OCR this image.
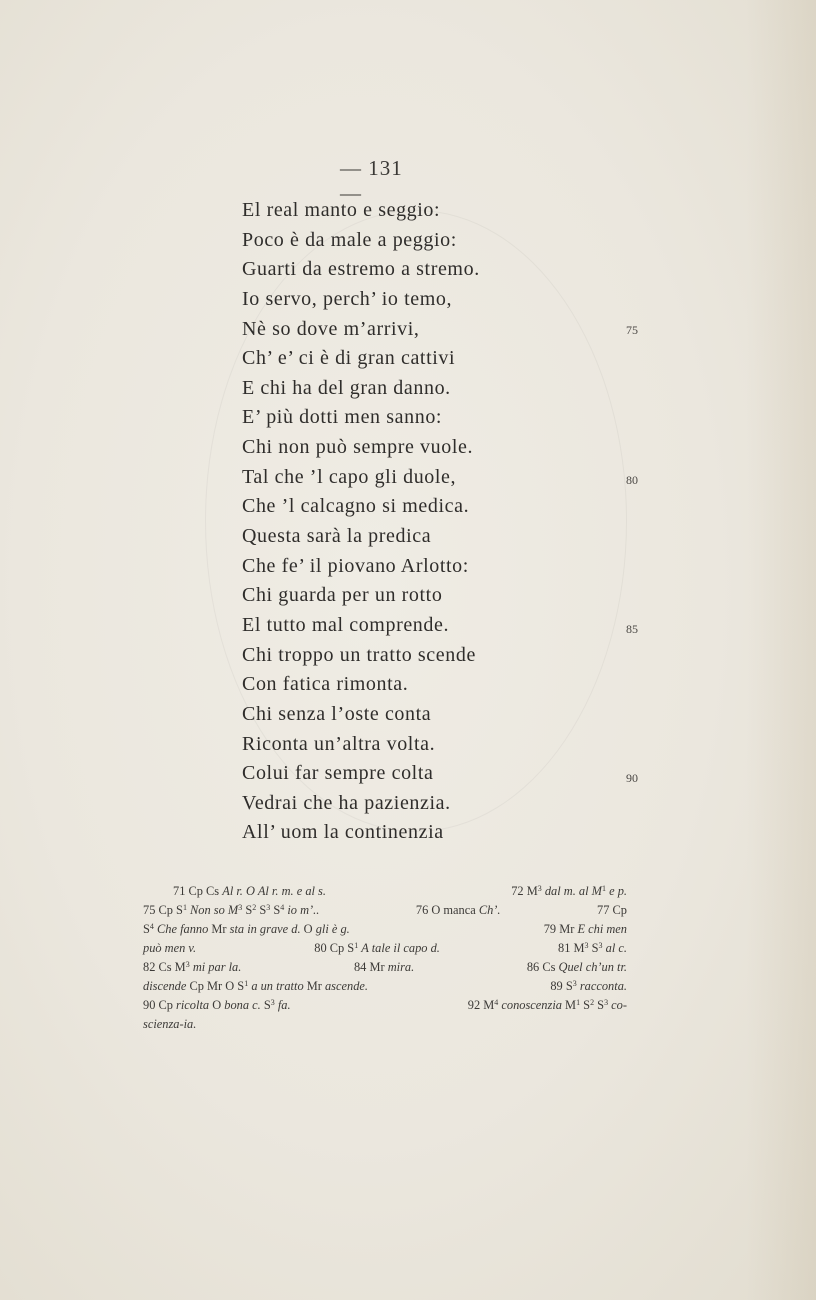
— 131 —
El real manto e seggio:
Poco è da male a peggio:
Guarti da estremo a stremo.
Io servo, perch’ io temo,
Nè so dove m’arrivi,
Ch’ e’ ci è di gran cattivi
E chi ha del gran danno.
E’ più dotti men sanno:
Chi non può sempre vuole.
Tal che ’l capo gli duole,
Che ’l calcagno si medica.
Questa sarà la predica
Che fe’ il piovano Arlotto:
Chi guarda per un rotto
El tutto mal comprende.
Chi troppo un tratto scende
Con fatica rimonta.
Chi senza l’oste conta
Riconta un’altra volta.
Colui far sempre colta
Vedrai che ha pazienzia.
All’ uom la continenzia
75
80
85
90
71 Cp Cs Al r. O Al r. m. e al s.	72 $M^3$ dal m. al $M^1$ e p.
75 Cp $S^1$ Non so $M^3$ $S^2$ $S^3$ $S^4$ io m’..	76 O manca Ch’.	77 Cp
$S^4$ Che fanno Mr sta in grave d. O gli è g.	79 Mr E chi men
può men v.	80 Cp $S^1$ A tale il capo d.	81 $M^3$ $S^3$ al c.
82 Cs $M^3$ mi par la.	84 Mr mira.	86 Cs Quel ch’un tr.
discende Cp Mr O $S^1$ a un tratto Mr ascende.	89 $S^3$ racconta.
90 Cp ricolta O bona c. $S^3$ fa.	92 $M^4$ conoscenzia $M^1$ $S^2$ $S^3$ co-
scienza-ia.
